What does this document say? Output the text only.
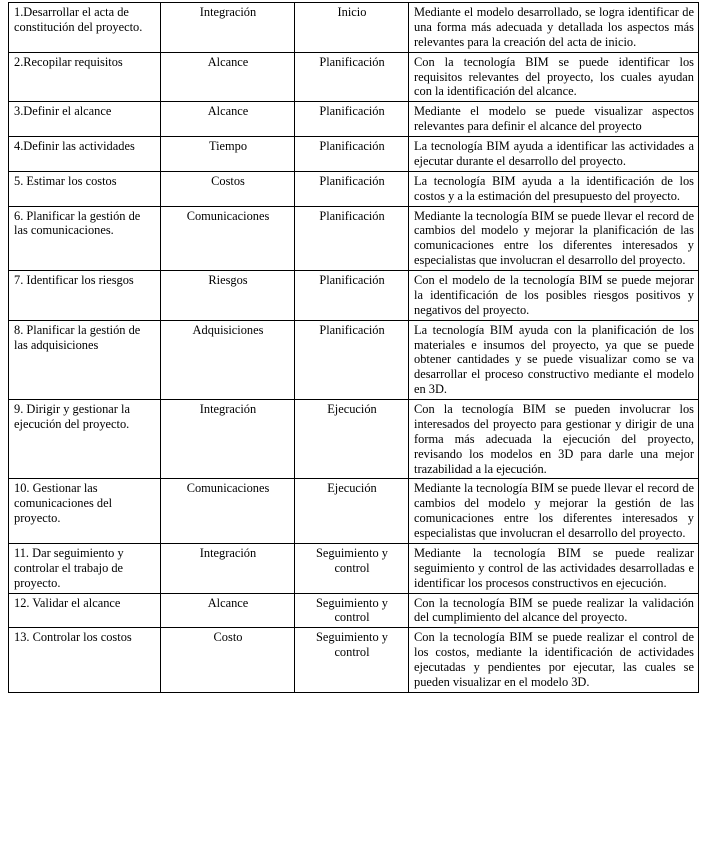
1.Desarrollar el acta de constitución del proyecto.	Integración	Inicio	Mediante el modelo desarrollado, se logra identificar de una forma más adecuada y detallada los aspectos más relevantes para la creación del acta de inicio.
2.Recopilar requisitos	Alcance	Planificación	Con la tecnología BIM se puede identificar los requisitos relevantes del proyecto, los cuales ayudan con la identificación del alcance.
3.Definir el alcance	Alcance	Planificación	Mediante el modelo se puede visualizar aspectos relevantes para definir el alcance del proyecto
4.Definir las actividades	Tiempo	Planificación	La tecnología BIM ayuda a identificar las actividades a ejecutar durante el desarrollo del proyecto.
5. Estimar los costos	Costos	Planificación	La tecnología BIM ayuda a la identificación de los costos y a la estimación del presupuesto del proyecto.
6. Planificar la gestión de las comunicaciones.	Comunicaciones	Planificación	Mediante la tecnología BIM se puede llevar el record de cambios del modelo y mejorar la planificación de las comunicaciones entre los diferentes interesados y especialistas que involucran el desarrollo del proyecto.
7. Identificar los riesgos	Riesgos	Planificación	Con el modelo de la tecnología BIM se puede mejorar la identificación de los posibles riesgos positivos y negativos del proyecto.
8. Planificar la gestión de las adquisiciones	Adquisiciones	Planificación	La tecnología BIM ayuda con la planificación de los materiales e insumos del proyecto, ya que se puede obtener cantidades y se puede visualizar como se va desarrollar el proceso constructivo mediante el modelo en 3D.
9. Dirigir y gestionar la ejecución del proyecto.	Integración	Ejecución	Con la tecnología BIM se pueden involucrar los interesados del proyecto para gestionar y dirigir de una forma más adecuada la ejecución del proyecto, revisando los modelos en 3D para darle una mejor trazabilidad a la ejecución.
10. Gestionar las comunicaciones del proyecto.	Comunicaciones	Ejecución	Mediante la tecnología BIM se puede llevar el record de cambios del modelo y mejorar la gestión de las comunicaciones entre los diferentes interesados y especialistas que involucran el desarrollo del proyecto.
11. Dar seguimiento y controlar el trabajo de proyecto.	Integración	Seguimiento y control	Mediante la tecnología BIM se puede realizar seguimiento y control de las actividades desarrolladas e identificar los procesos constructivos en ejecución.
12. Validar el alcance	Alcance	Seguimiento y control	Con la tecnología BIM se puede realizar la validación del cumplimiento del alcance del proyecto.
13. Controlar los costos	Costo	Seguimiento y control	Con la tecnología BIM se puede realizar el control de los costos, mediante la identificación de actividades ejecutadas y pendientes por ejecutar, las cuales se pueden visualizar en el modelo 3D.
